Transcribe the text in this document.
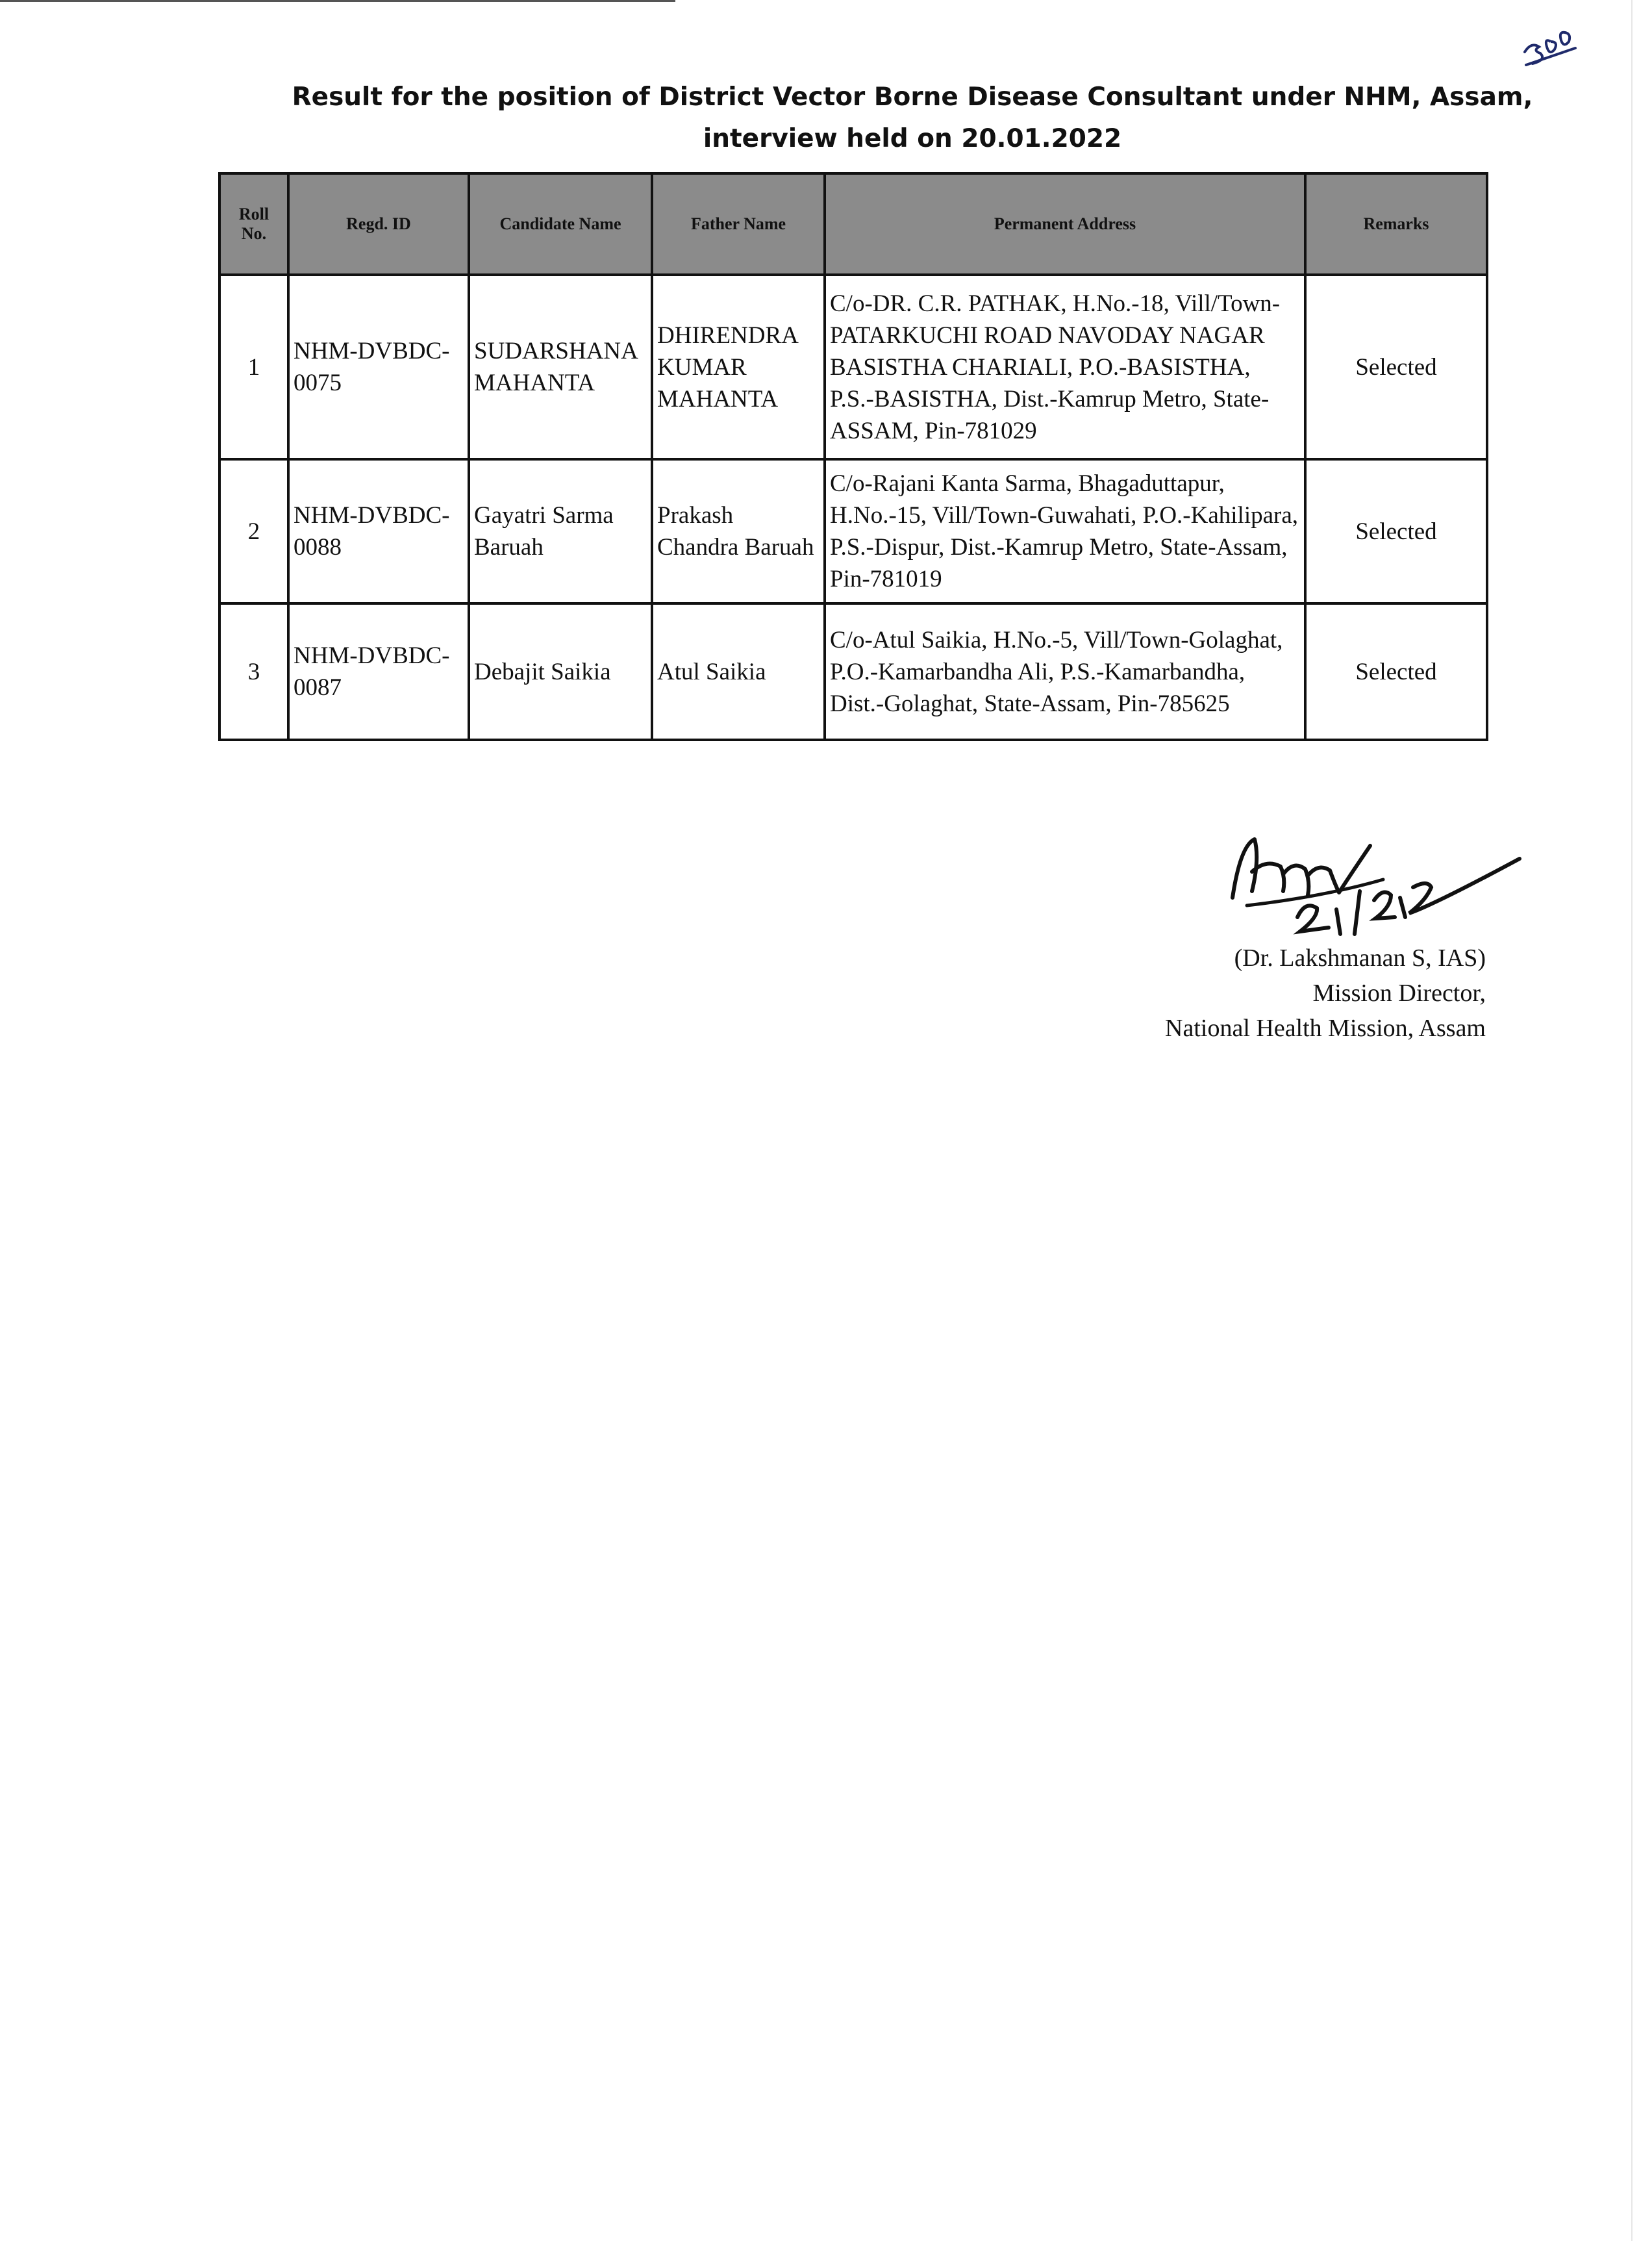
Result for the position of District Vector Borne Disease Consultant under NHM, Assam, interview held on 20.01.2022
Roll No.	Regd. ID	Candidate Name	Father Name	Permanent Address	Remarks
1	NHM-DVBDC-0075	SUDARSHANA MAHANTA	DHIRENDRA KUMAR MAHANTA	C/o-DR. C.R. PATHAK, H.No.-18, Vill/Town-PATARKUCHI ROAD NAVODAY NAGAR BASISTHA CHARIALI, P.O.-BASISTHA, P.S.-BASISTHA, Dist.-Kamrup Metro, State-ASSAM, Pin-781029	Selected
2	NHM-DVBDC-0088	Gayatri Sarma Baruah	Prakash Chandra Baruah	C/o-Rajani Kanta Sarma, Bhagaduttapur, H.No.-15, Vill/Town-Guwahati, P.O.-Kahilipara, P.S.-Dispur, Dist.-Kamrup Metro, State-Assam, Pin-781019	Selected
3	NHM-DVBDC-0087	Debajit Saikia	Atul Saikia	C/o-Atul Saikia, H.No.-5, Vill/Town-Golaghat, P.O.-Kamarbandha Ali, P.S.-Kamarbandha, Dist.-Golaghat, State-Assam, Pin-785625	Selected
(Dr. Lakshmanan S, IAS)
Mission Director,
National Health Mission, Assam
